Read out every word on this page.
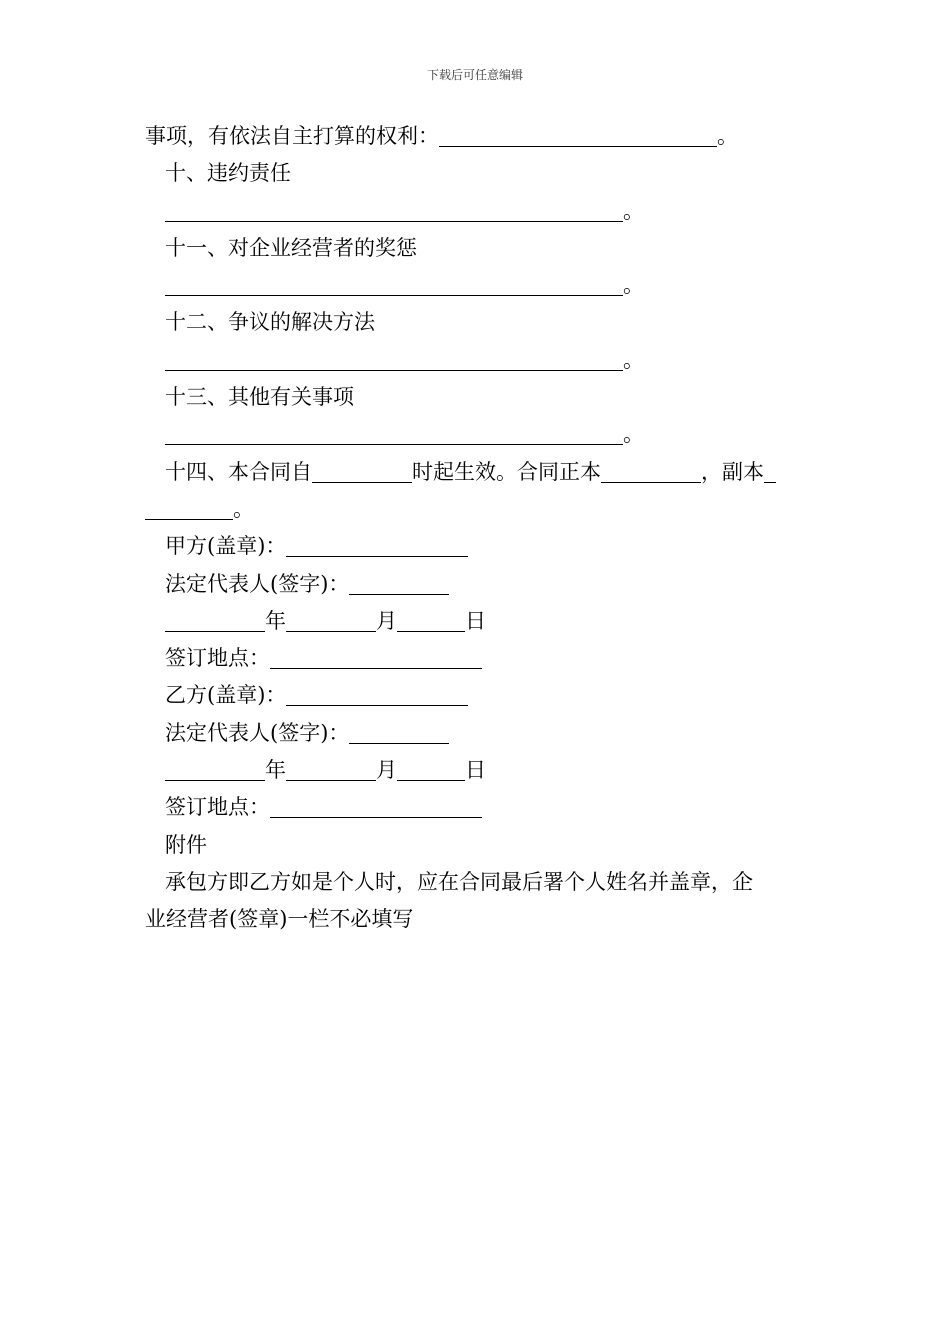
下载后可任意编辑
事项，有依法自主打算的权利：	。
十、违约责任
。
十一、对企业经营者的奖惩
。
十二、争议的解决方法
。
十三、其他有关事项
。
十四、本合同自	时起生效。合同正本	，副本
。
甲方(盖章)：
法定代表人(签字)：
年	月	日
签订地点：
乙方(盖章)：
法定代表人(签字)：
年	月	日
签订地点：
附件
承包方即乙方如是个人时，应在合同最后署个人姓名并盖章，企
业经营者(签章)一栏不必填写
